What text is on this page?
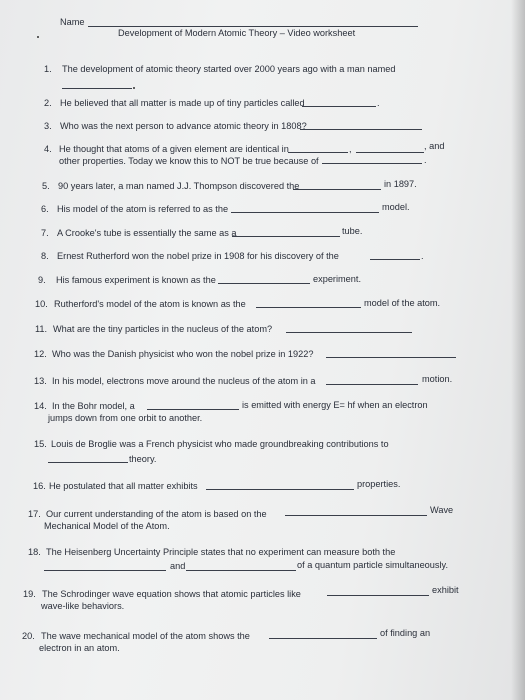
Name
Development of Modern Atomic Theory – Video worksheet
1. The development of atomic theory started over 2000 years ago with a man named
2. He believed that all matter is made up of tiny particles called	.
3. Who was the next person to advance atomic theory in 1808?
4. He thought that atoms of a given element are identical in	,	, and
other properties. Today we know this to NOT be true because of	.
5. 90 years later, a man named J.J. Thompson discovered the	in 1897.
6. His model of the atom is referred to as the	model.
7. A Crooke's tube is essentially the same as a	tube.
8. Ernest Rutherford won the nobel prize in 1908 for his discovery of the	.
9. His famous experiment is known as the	experiment.
10. Rutherford's model of the atom is known as the	model of the atom.
11. What are the tiny particles in the nucleus of the atom?
12. Who was the Danish physicist who won the nobel prize in 1922?
13. In his model, electrons move around the nucleus of the atom in a	motion.
14. In the Bohr model, a	is emitted with energy E= hf when an electron
jumps down from one orbit to another.
15. Louis de Broglie was a French physicist who made groundbreaking contributions to
theory.
16. He postulated that all matter exhibits	properties.
17. Our current understanding of the atom is based on the	Wave
Mechanical Model of the Atom.
18. The Heisenberg Uncertainty Principle states that no experiment can measure both the
and	of a quantum particle simultaneously.
19. The Schrodinger wave equation shows that atomic particles like	exhibit
wave-like behaviors.
20. The wave mechanical model of the atom shows the	of finding an
electron in an atom.
